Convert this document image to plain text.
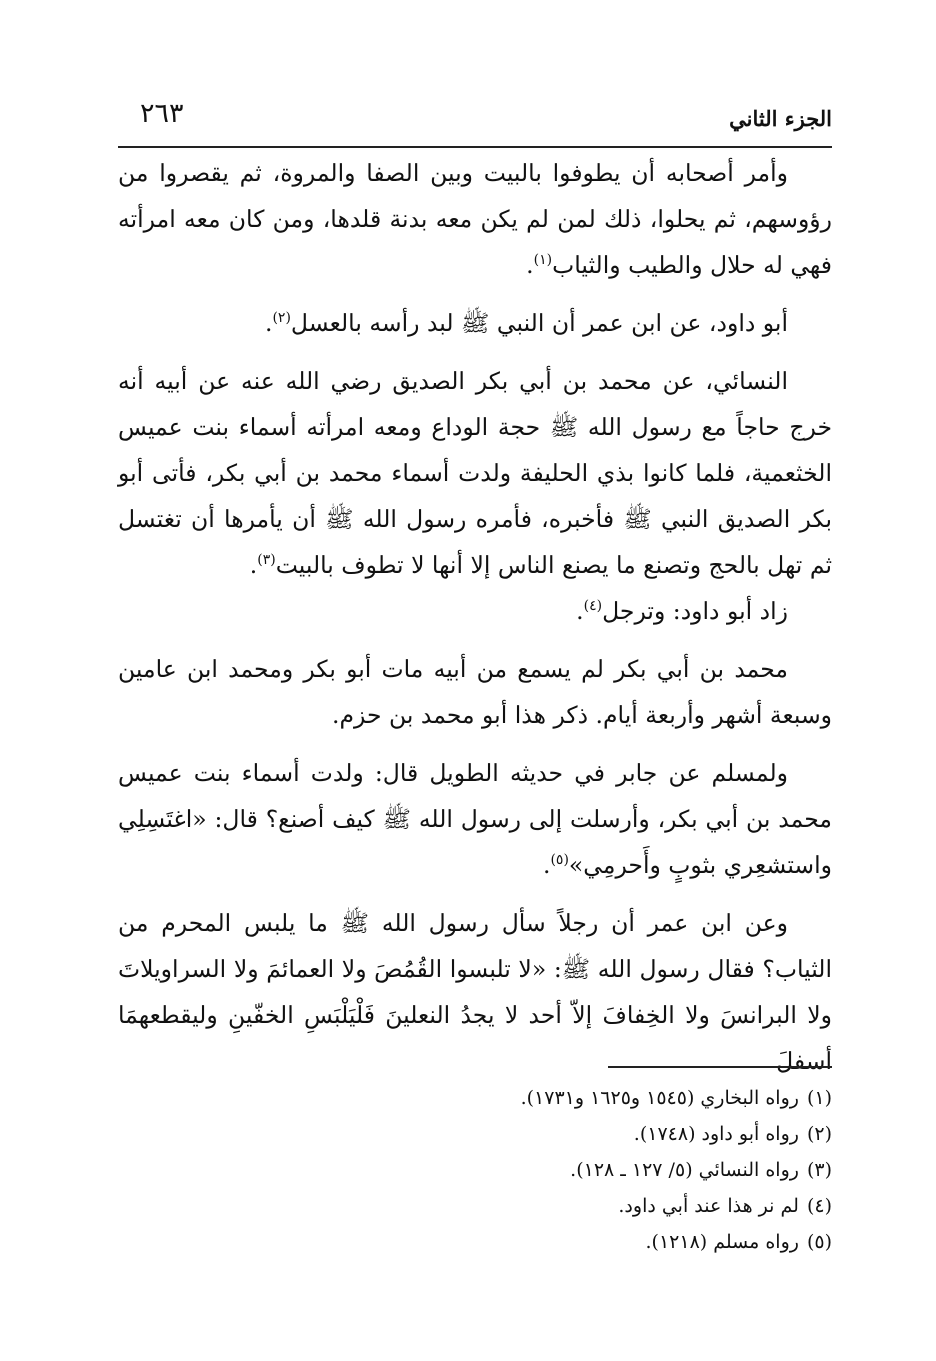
الجزء الثاني
٢٦٣

وأمر أصحابه أن يطوفوا بالبيت وبين الصفا والمروة، ثم يقصروا من رؤوسهم، ثم يحلوا، ذلك لمن لم يكن معه بدنة قلدها، ومن كان معه امرأته فهي له حلال والطيب والثياب$^{(١)}$.

أبو داود، عن ابن عمر أن النبي ﷺ لبد رأسه بالعسل$^{(٢)}$.

النسائي، عن محمد بن أبي بكر الصديق رضي الله عنه عن أبيه أنه خرج حاجاً مع رسول الله ﷺ حجة الوداع ومعه امرأته أسماء بنت عميس الخثعمية، فلما كانوا بذي الحليفة ولدت أسماء محمد بن أبي بكر، فأتى أبو بكر الصديق النبي ﷺ فأخبره، فأمره رسول الله ﷺ أن يأمرها أن تغتسل ثم تهل بالحج وتصنع ما يصنع الناس إلا أنها لا تطوف بالبيت$^{(٣)}$.

زاد أبو داود: وترجل$^{(٤)}$.

محمد بن أبي بكر لم يسمع من أبيه مات أبو بكر ومحمد ابن عامين وسبعة أشهر وأربعة أيام. ذكر هذا أبو محمد بن حزم.

ولمسلم عن جابر في حديثه الطويل قال: ولدت أسماء بنت عميس محمد بن أبي بكر، وأرسلت إلى رسول الله ﷺ كيف أصنع؟ قال: «اغتَسِلِي واستشعِري بثوبٍ وأَحرمِي»$^{(٥)}$.

وعن ابن عمر أن رجلاً سأل رسول الله ﷺ ما يلبس المحرم من الثياب؟ فقال رسول الله ﷺ: «لا تلبسوا القُمُصَ ولا العمائمَ ولا السراويلاتَ ولا البرانسَ ولا الخِفافَ إلاّ أحد لا يجدُ النعلينَ فَلْيَلْبَسِ الخفّينِ وليقطعهمَا أسفلَ

(١)رواه البخاري (١٥٤٥ و١٦٢٥ و١٧٣١).
(٢)رواه أبو داود (١٧٤٨).
(٣)رواه النسائي (٥/ ١٢٧ ـ ١٢٨).
(٤)لم نر هذا عند أبي داود.
(٥)رواه مسلم (١٢١٨).
